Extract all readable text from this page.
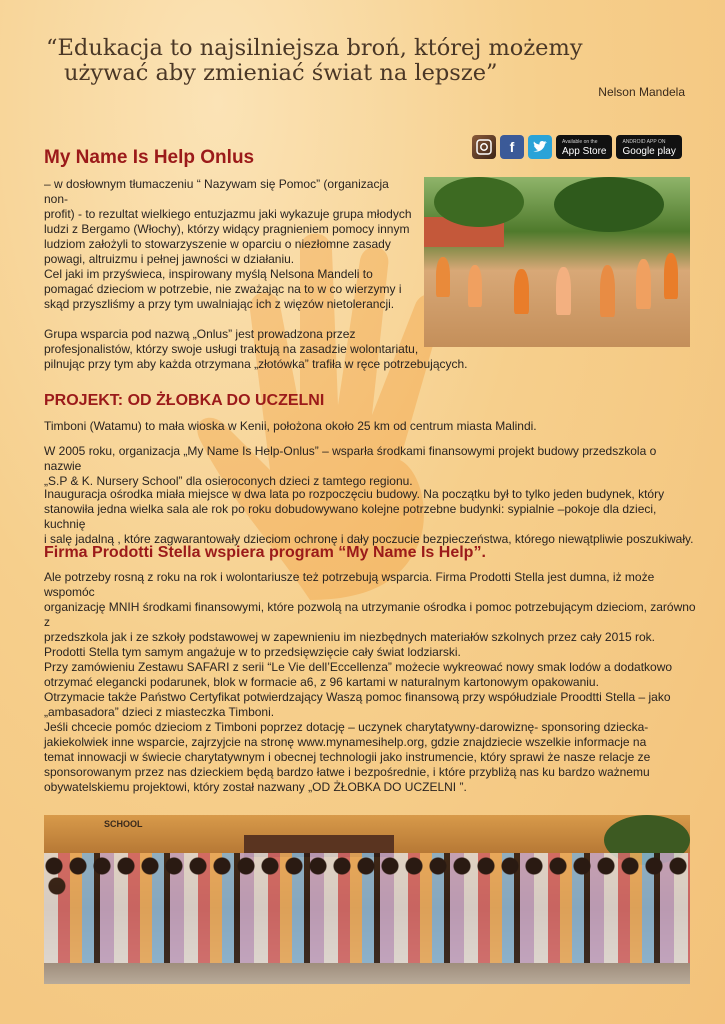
“Edukacja to najsilniejsza broń, której możemy
używać aby zmieniać świat na lepsze”
Nelson Mandela
My Name Is Help Onlus	f	Available on the
App Store
ANDROID APP ON
Google play
– w dosłownym tłumaczeniu “ Nazywam się Pomoc” (organizacja non-
profit) - to rezultat wielkiego entuzjazmu jaki wykazuje grupa młodych
ludzi z Bergamo (Włochy), którzy widący pragnieniem pomocy innym
ludziom założyli to stowarzyszenie w oparciu o niezłomne zasady
powagi, altruizmu i pełnej jawności w działaniu.
Cel jaki im przyświeca, inspirowany myślą Nelsona Mandeli to
pomagać dzieciom w potrzebie, nie zważając na to w co wierzymy i
skąd przyszliśmy a przy tym uwalniając ich z więzów nietolerancji.
Grupa wsparcia pod nazwą „Onlus” jest prowadzona przez
profesjonalistów, którzy swoje usługi traktują na zasadzie wolontariatu,
pilnując przy tym aby każda otrzymana „złotówka” trafiła w ręce potrzebujących.
PROJEKT: OD ŻŁOBKA DO UCZELNI
Timboni (Watamu) to mała wioska w Kenii, położona około 25 km od centrum miasta Malindi.
W 2005 roku, organizacja „My Name Is Help-Onlus” – wsparła środkami finansowymi projekt budowy przedszkola o nazwie
„S.P & K. Nursery School” dla osieroconych dzieci z tamtego regionu.
Inauguracja ośrodka miała miejsce w dwa lata po rozpoczęciu budowy. Na początku był to tylko jeden budynek, który
stanowiła jedna wielka sala ale rok po roku dobudowywano kolejne potrzebne budynki: sypialnie –pokoje dla dzieci, kuchnię
i salę jadalną , które zagwarantowały dzieciom ochronę i dały poczucie bezpieczeństwa, którego niewątpliwie poszukiwały.
Firma Prodotti Stella wspiera program “My Name Is Help”.
Ale potrzeby rosną z roku na rok i wolontariusze też potrzebują wsparcia. Firma Prodotti Stella jest dumna, iż może wspomóc
organizację MNIH środkami finansowymi, które pozwolą na utrzymanie ośrodka i pomoc potrzebującym dzieciom, zarówno z
przedszkola jak i ze szkoły podstawowej w zapewnieniu im niezbędnych materiałów szkolnych przez cały 2015 rok.
Prodotti Stella tym samym angażuje w to przedsięwzięcie cały świat lodziarski.
Przy zamówieniu Zestawu SAFARI z serii “Le Vie dell’Eccellenza” możecie wykreować nowy smak lodów a dodatkowo
otrzymać elegancki podarunek, blok w formacie a6, z 96 kartami w naturalnym kartonowym opakowaniu.
Otrzymacie także Państwo Certyfikat potwierdzający Waszą pomoc finansową przy współudziale Proodtti Stella – jako
„ambasadora” dzieci z miasteczka Timboni.
Jeśli chcecie pomóc dzieciom z Timboni poprzez dotację – uczynek charytatywny-darowiznę- sponsoring dziecka-
jakiekolwiek inne wsparcie, zajrzyjcie na stronę www.mynamesihelp.org, gdzie znajdziecie wszelkie informacje na
temat innowacji w świecie charytatywnym i obecnej technologii jako instrumencie, który sprawi że nasze relacje ze
sponsorowanym przez nas dzieckiem będą bardzo łatwe i bezpośrednie, i które przybliżą nas ku bardzo ważnemu
obywatelskiemu projektowi, który został nazwany „OD ŻŁOBKA DO UCZELNI ”.
SCHOOL
